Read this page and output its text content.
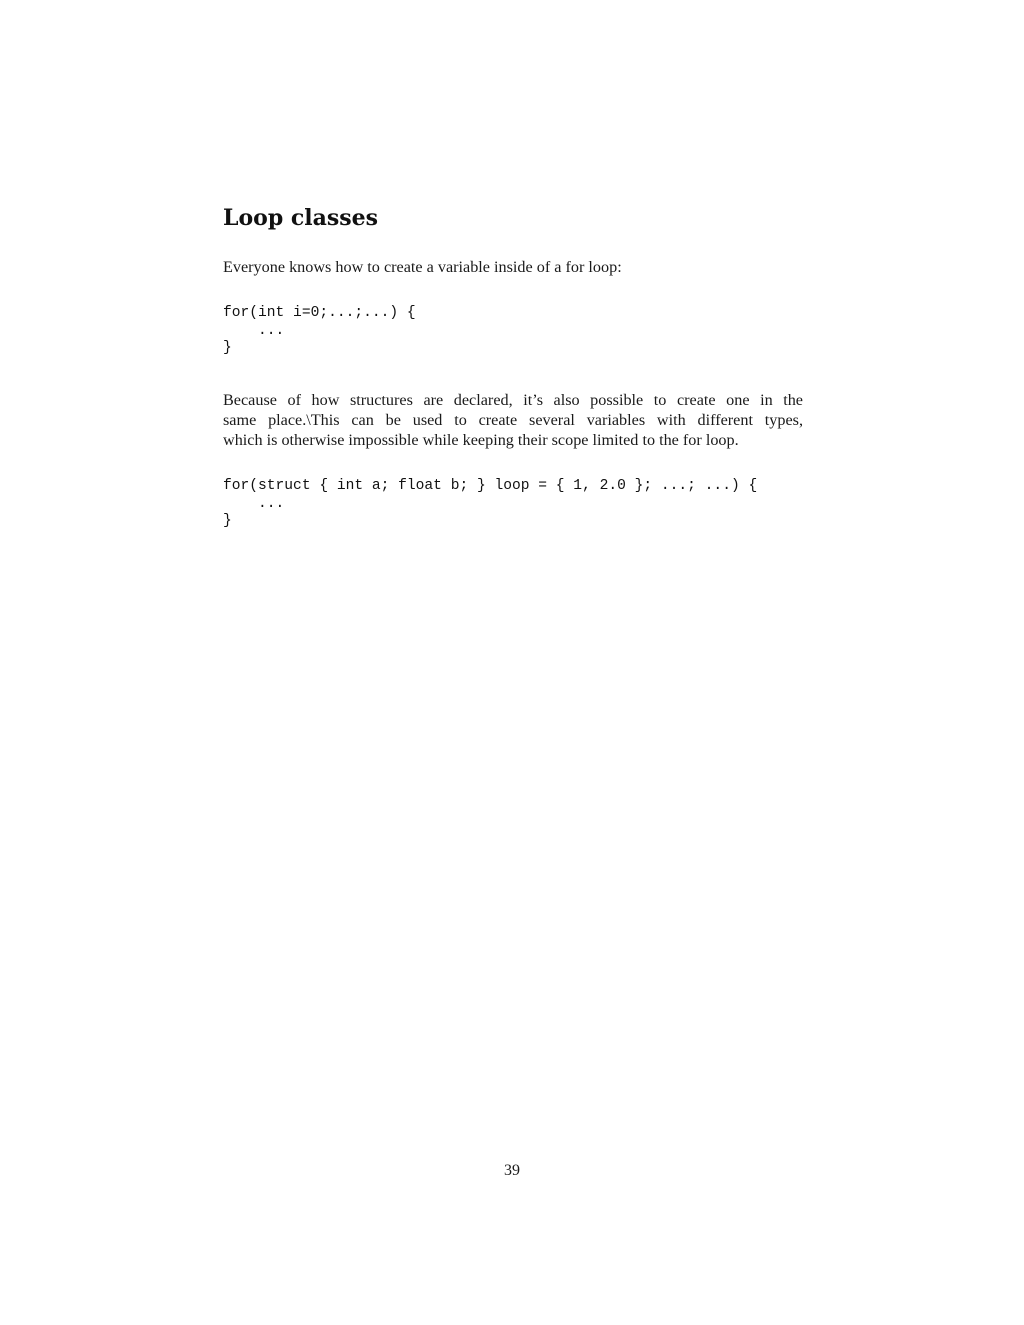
Loop classes

Everyone knows how to create a variable inside of a for loop:

for(int i=0;...;...) {
...
}

Because of how structures are declared, it’s also possible to create one in the
same place.\This can be used to create several variables with different types,
which is otherwise impossible while keeping their scope limited to the for loop.

for(struct { int a; float b; } loop = { 1, 2.0 }; ...; ...) {
...
}

39
